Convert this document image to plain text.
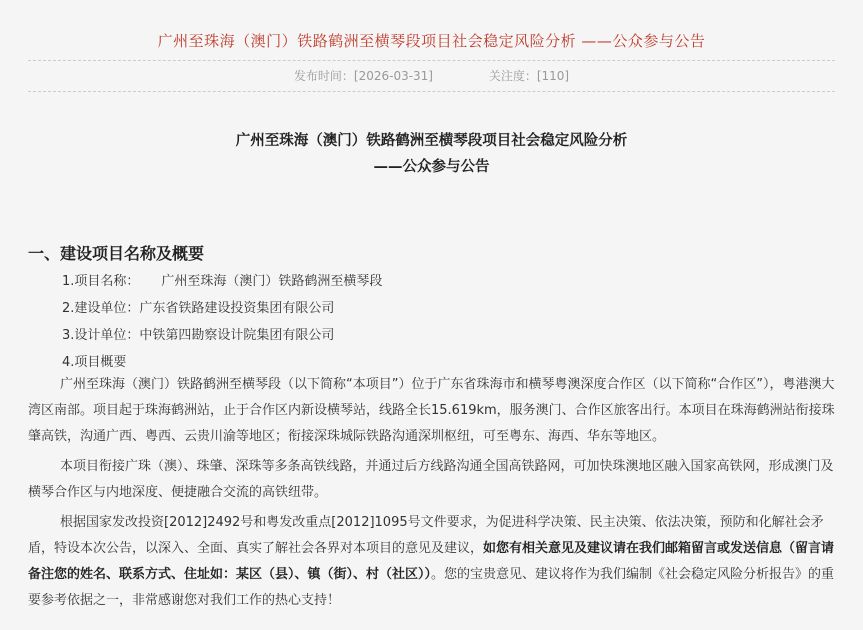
广州至珠海（澳门）铁路鹤洲至横琴段项目社会稳定风险分析 ——公众参与公告
发布时间：[2026-03-31]	关注度：[110]
广州至珠海（澳门）铁路鹤洲至横琴段项目社会稳定风险分析
——公众参与公告
一、建设项目名称及概要
1.项目名称： 广州至珠海（澳门）铁路鹤洲至横琴段
2.建设单位：广东省铁路建设投资集团有限公司
3.设计单位：中铁第四勘察设计院集团有限公司
4.项目概要
广州至珠海（澳门）铁路鹤洲至横琴段（以下简称“本项目”）位于广东省珠海市和横琴粤澳深度合作区（以下简称“合作区”），粤港澳大湾区南部。项目起于珠海鹤洲站，止于合作区内新设横琴站，线路全长15.619km，服务澳门、合作区旅客出行。本项目在珠海鹤洲站衔接珠肇高铁，沟通广西、粤西、云贵川渝等地区；衔接深珠城际铁路沟通深圳枢纽，可至粤东、海西、华东等地区。
本项目衔接广珠（澳）、珠肇、深珠等多条高铁线路，并通过后方线路沟通全国高铁路网，可加快珠澳地区融入国家高铁网，形成澳门及横琴合作区与内地深度、便捷融合交流的高铁纽带。
根据国家发改投资[2012]2492号和粤发改重点[2012]1095号文件要求，为促进科学决策、民主决策、依法决策，预防和化解社会矛盾，特设本次公告，以深入、全面、真实了解社会各界对本项目的意见及建议，如您有相关意见及建议请在我们邮箱留言或发送信息（留言请备注您的姓名、联系方式、住址如：某区（县）、镇（街）、村（社区））。您的宝贵意见、建议将作为我们编制《社会稳定风险分析报告》的重要参考依据之一，非常感谢您对我们工作的热心支持！
